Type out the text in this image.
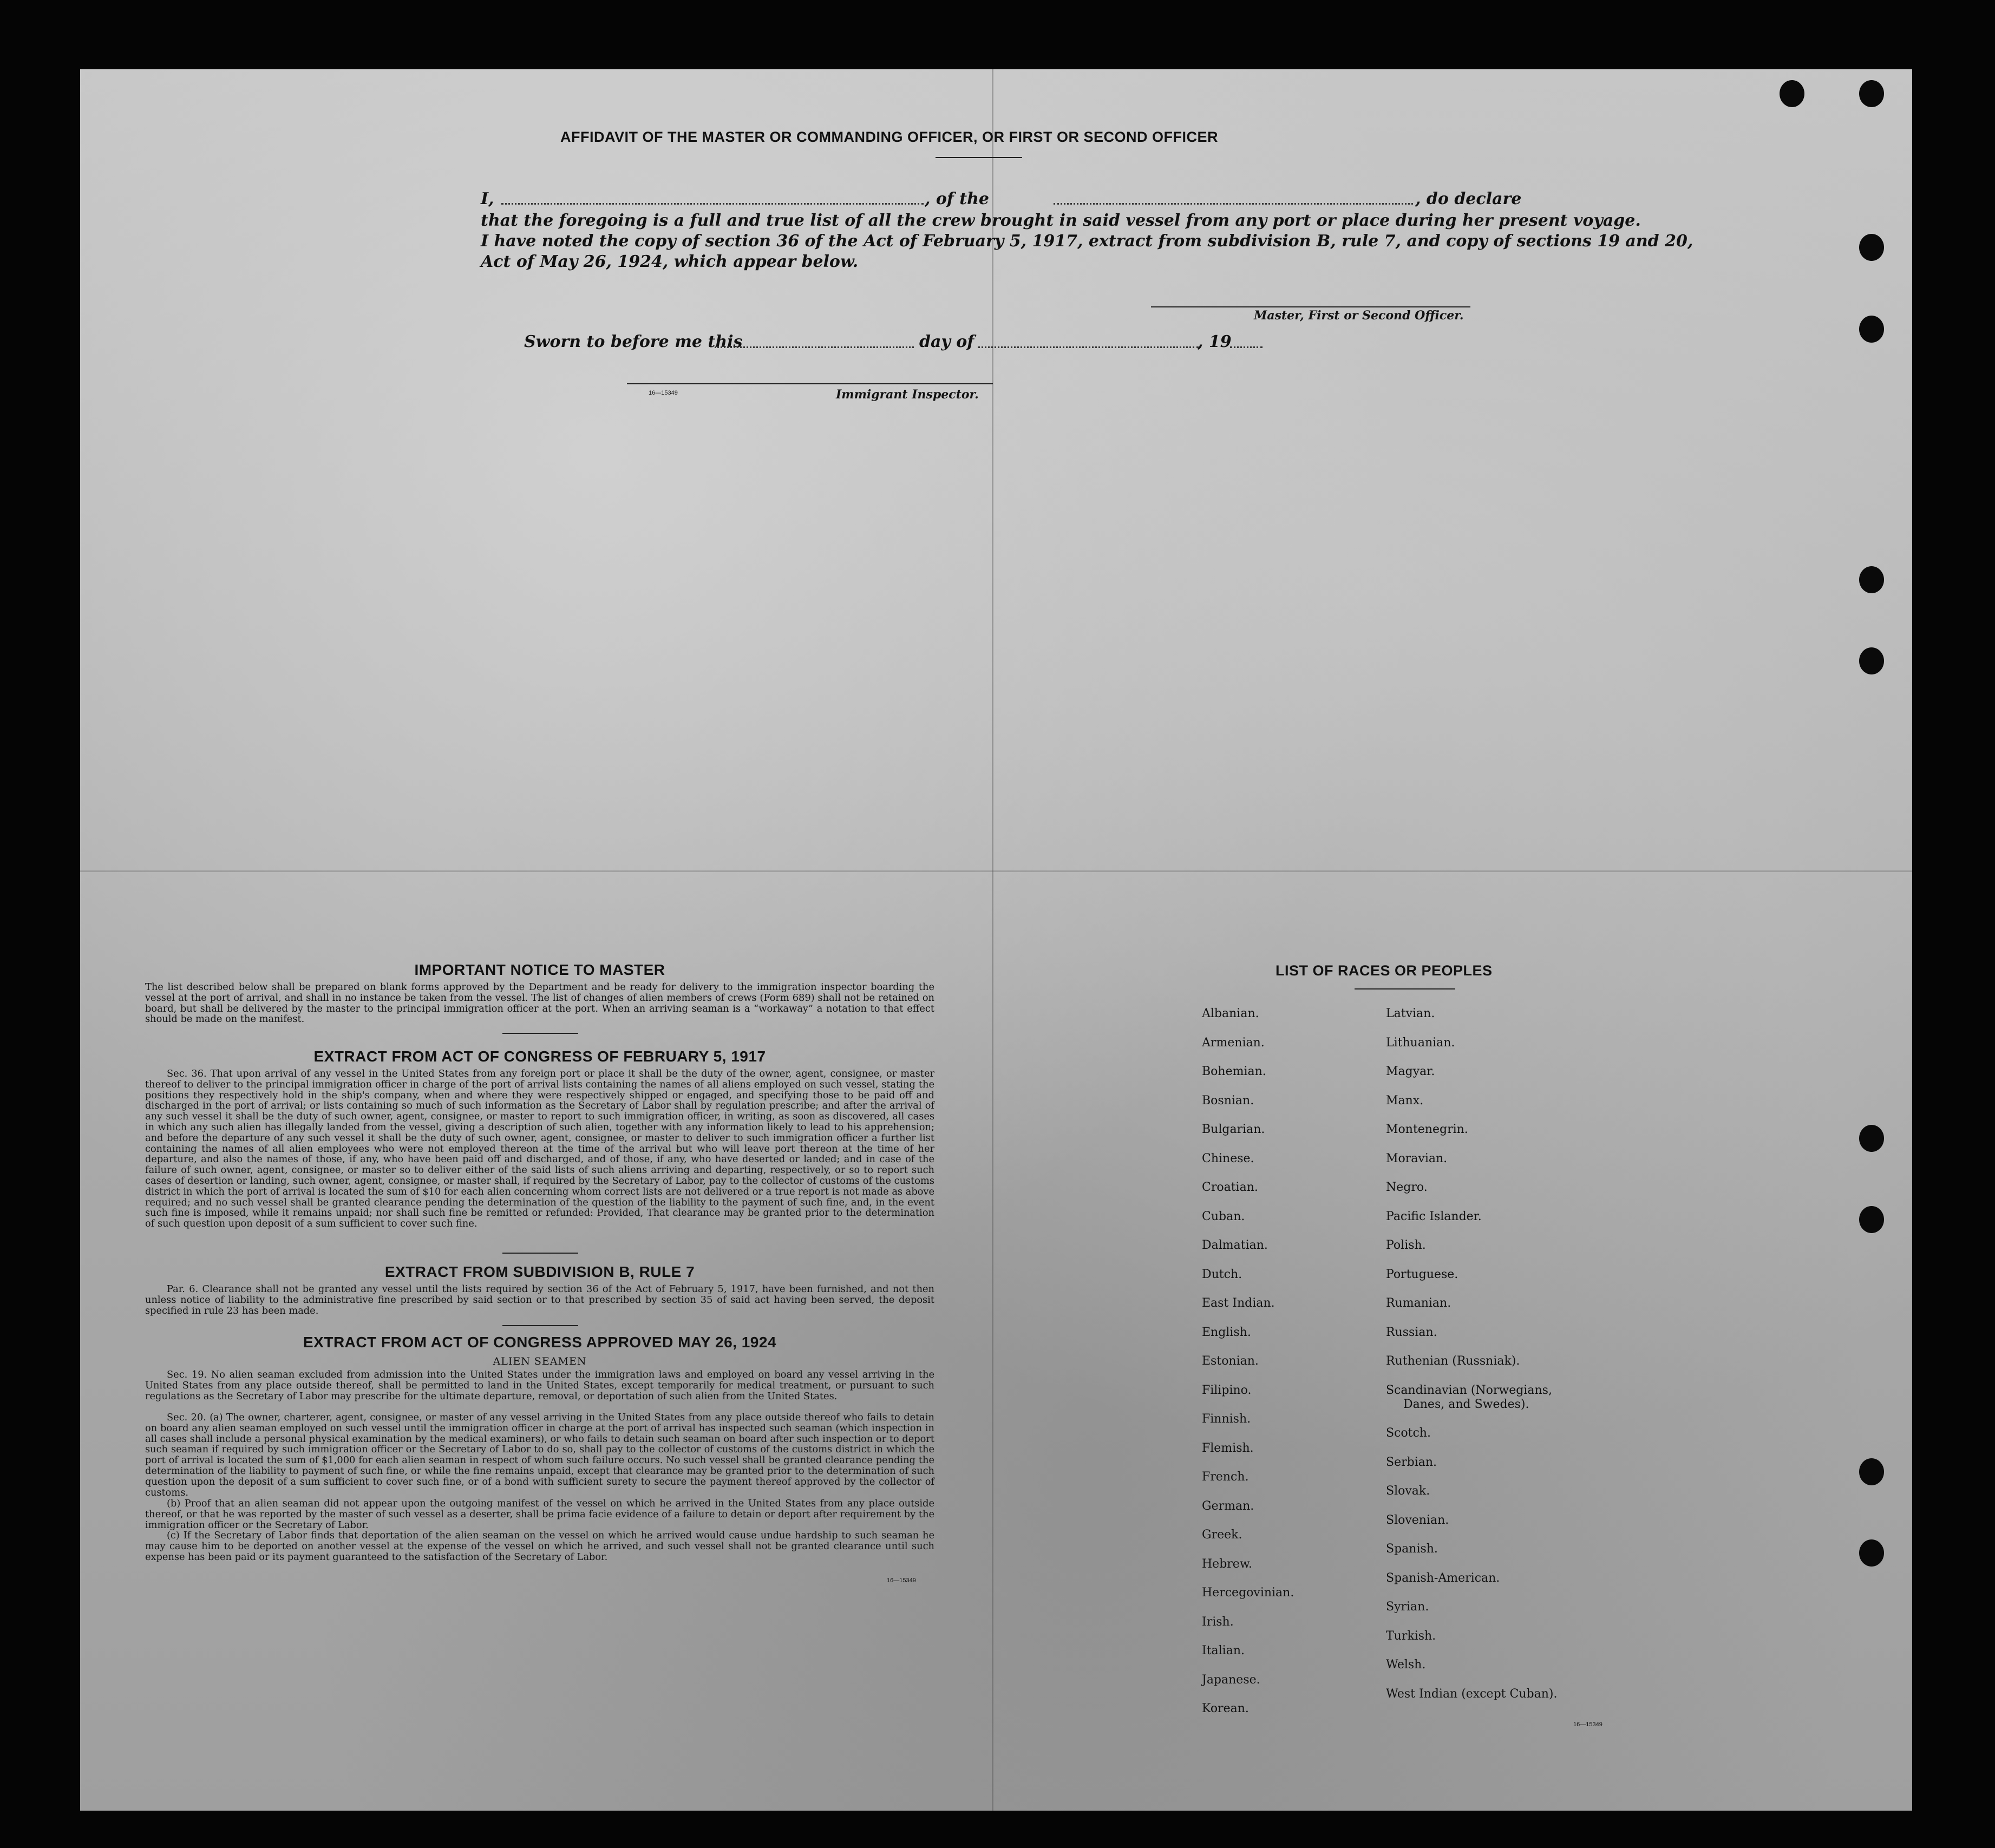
AFFIDAVIT OF THE MASTER OR COMMANDING OFFICER, OR FIRST OR SECOND OFFICER
I,	, of the	, do declare
that the foregoing is a full and true list of all the crew brought in said vessel from any port or place during her present voyage.
I have noted the copy of section 36 of the Act of February 5, 1917, extract from subdivision B, rule 7, and copy of sections 19 and 20,
Act of May 26, 1924, which appear below.
Master, First or Second Officer.
Sworn to before me this	day of	, 19
16—15349	Immigrant Inspector.
IMPORTANT NOTICE TO MASTER
The list described below shall be prepared on blank forms approved by the Department and be ready for delivery to the immigration inspector boarding the vessel at the port of arrival, and shall in no instance be taken from the vessel. The list of changes of alien members of crews (Form 689) shall not be retained on board, but shall be delivered by the master to the principal immigration officer at the port. When an arriving seaman is a “workaway” a notation to that effect should be made on the manifest.
EXTRACT FROM ACT OF CONGRESS OF FEBRUARY 5, 1917
Sec. 36. That upon arrival of any vessel in the United States from any foreign port or place it shall be the duty of the owner, agent, consignee, or master thereof to deliver to the principal immigration officer in charge of the port of arrival lists containing the names of all aliens employed on such vessel, stating the positions they respectively hold in the ship's company, when and where they were respectively shipped or engaged, and specifying those to be paid off and discharged in the port of arrival; or lists containing so much of such information as the Secretary of Labor shall by regulation prescribe; and after the arrival of any such vessel it shall be the duty of such owner, agent, consignee, or master to report to such immigration officer, in writing, as soon as discovered, all cases in which any such alien has illegally landed from the vessel, giving a description of such alien, together with any information likely to lead to his apprehension; and before the departure of any such vessel it shall be the duty of such owner, agent, consignee, or master to deliver to such immigration officer a further list containing the names of all alien employees who were not employed thereon at the time of the arrival but who will leave port thereon at the time of her departure, and also the names of those, if any, who have been paid off and discharged, and of those, if any, who have deserted or landed; and in case of the failure of such owner, agent, consignee, or master so to deliver either of the said lists of such aliens arriving and departing, respectively, or so to report such cases of desertion or landing, such owner, agent, consignee, or master shall, if required by the Secretary of Labor, pay to the collector of customs of the customs district in which the port of arrival is located the sum of $10 for each alien concerning whom correct lists are not delivered or a true report is not made as above required; and no such vessel shall be granted clearance pending the determination of the question of the liability to the payment of such fine, and, in the event such fine is imposed, while it remains unpaid; nor shall such fine be remitted or refunded: Provided, That clearance may be granted prior to the determination of such question upon deposit of a sum sufficient to cover such fine.
EXTRACT FROM SUBDIVISION B, RULE 7
Par. 6. Clearance shall not be granted any vessel until the lists required by section 36 of the Act of February 5, 1917, have been furnished, and not then unless notice of liability to the administrative fine prescribed by said section or to that prescribed by section 35 of said act having been served, the deposit specified in rule 23 has been made.
EXTRACT FROM ACT OF CONGRESS APPROVED MAY 26, 1924
ALIEN SEAMEN
Sec. 19. No alien seaman excluded from admission into the United States under the immigration laws and employed on board any vessel arriving in the United States from any place outside thereof, shall be permitted to land in the United States, except temporarily for medical treatment, or pursuant to such regulations as the Secretary of Labor may prescribe for the ultimate departure, removal, or deportation of such alien from the United States.
Sec. 20. (a) The owner, charterer, agent, consignee, or master of any vessel arriving in the United States from any place outside thereof who fails to detain on board any alien seaman employed on such vessel until the immigration officer in charge at the port of arrival has inspected such seaman (which inspection in all cases shall include a personal physical examination by the medical examiners), or who fails to detain such seaman on board after such inspection or to deport such seaman if required by such immigration officer or the Secretary of Labor to do so, shall pay to the collector of customs of the customs district in which the port of arrival is located the sum of $1,000 for each alien seaman in respect of whom such failure occurs. No such vessel shall be granted clearance pending the determination of the liability to payment of such fine, or while the fine remains unpaid, except that clearance may be granted prior to the determination of such question upon the deposit of a sum sufficient to cover such fine, or of a bond with sufficient surety to secure the payment thereof approved by the collector of customs.
(b) Proof that an alien seaman did not appear upon the outgoing manifest of the vessel on which he arrived in the United States from any place outside thereof, or that he was reported by the master of such vessel as a deserter, shall be prima facie evidence of a failure to detain or deport after requirement by the immigration officer or the Secretary of Labor.
(c) If the Secretary of Labor finds that deportation of the alien seaman on the vessel on which he arrived would cause undue hardship to such seaman he may cause him to be deported on another vessel at the expense of the vessel on which he arrived, and such vessel shall not be granted clearance until such expense has been paid or its payment guaranteed to the satisfaction of the Secretary of Labor.
16—15349
LIST OF RACES OR PEOPLES
16—15349
Albanian.
Armenian.
Bohemian.
Bosnian.
Bulgarian.
Chinese.
Croatian.
Cuban.
Dalmatian.
Dutch.
East Indian.
English.
Estonian.
Filipino.
Finnish.
Flemish.
French.
German.
Greek.
Hebrew.
Hercegovinian.
Irish.
Italian.
Japanese.
Korean.
Latvian.
Lithuanian.
Magyar.
Manx.
Montenegrin.
Moravian.
Negro.
Pacific Islander.
Polish.
Portuguese.
Rumanian.
Russian.
Ruthenian (Russniak).
Scandinavian (Norwegians,
Danes, and Swedes).
Scotch.
Serbian.
Slovak.
Slovenian.
Spanish.
Spanish-American.
Syrian.
Turkish.
Welsh.
West Indian (except Cuban).
